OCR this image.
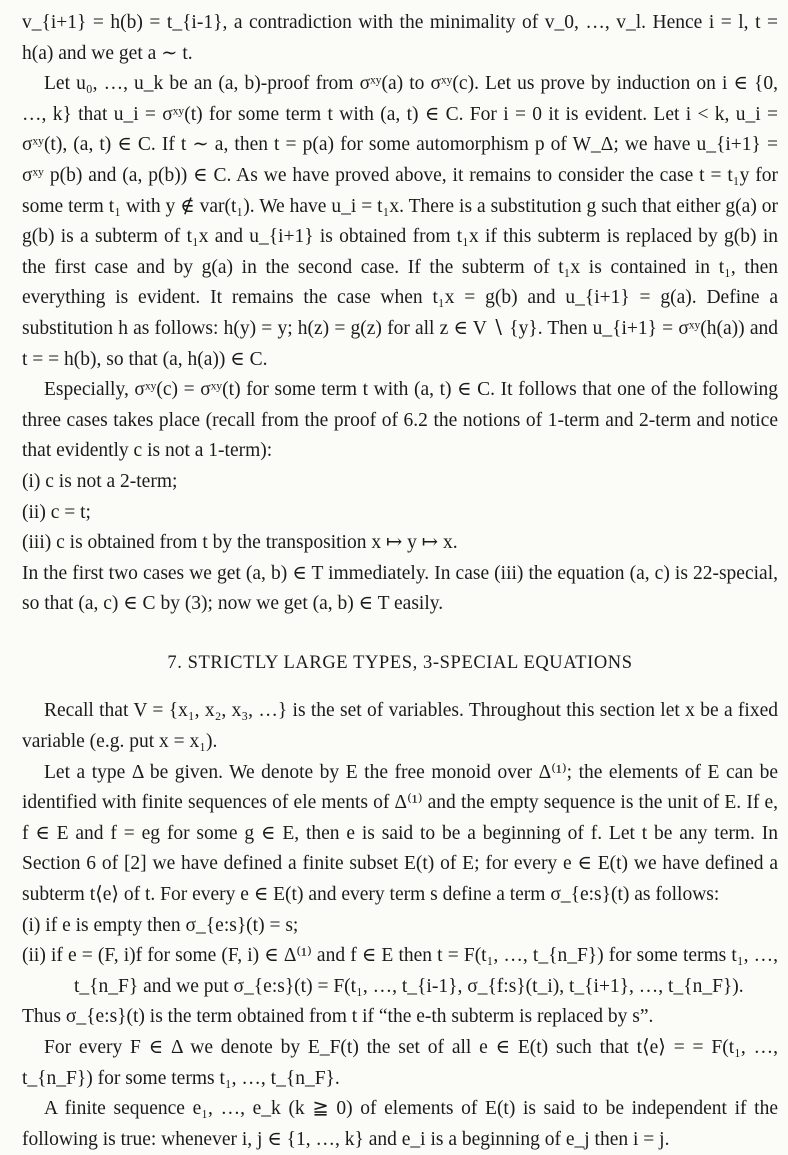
v_{i+1} = h(b) = t_{i-1}, a contradiction with the minimality of v_0, …, v_l. Hence i = l, t = h(a) and we get a ∼ t.

Let u₀, …, u_k be an (a, b)-proof from σˣʸ(a) to σˣʸ(c). Let us prove by induction on i ∈ {0, …, k} that u_i = σˣʸ(t) for some term t with (a, t) ∈ C. For i = 0 it is evident. Let i < k, u_i = σˣʸ(t), (a, t) ∈ C. If t ∼ a, then t = p(a) for some automorphism p of W_Δ; we have u_{i+1} = σˣʸ p(b) and (a, p(b)) ∈ C. As we have proved above, it remains to consider the case t = t₁y for some term t₁ with y ∉ var(t₁). We have u_i = t₁x. There is a substitution g such that either g(a) or g(b) is a subterm of t₁x and u_{i+1} is obtained from t₁x if this subterm is replaced by g(b) in the first case and by g(a) in the second case. If the subterm of t₁x is contained in t₁, then everything is evident. It remains the case when t₁x = g(b) and u_{i+1} = g(a). Define a substitution h as follows: h(y) = y; h(z) = g(z) for all z ∈ V ∖ {y}. Then u_{i+1} = σˣʸ(h(a)) and t = = h(b), so that (a, h(a)) ∈ C.

Especially, σˣʸ(c) = σˣʸ(t) for some term t with (a, t) ∈ C. It follows that one of the following three cases takes place (recall from the proof of 6.2 the notions of 1-term and 2-term and notice that evidently c is not a 1-term):

(i) c is not a 2-term;
(ii) c = t;
(iii) c is obtained from t by the transposition x ↦ y ↦ x.

In the first two cases we get (a, b) ∈ T immediately. In case (iii) the equation (a, c) is 22-special, so that (a, c) ∈ C by (3); now we get (a, b) ∈ T easily.

7. STRICTLY LARGE TYPES, 3-SPECIAL EQUATIONS

Recall that V = {x₁, x₂, x₃, …} is the set of variables. Throughout this section let x be a fixed variable (e.g. put x = x₁).

Let a type Δ be given. We denote by E the free monoid over Δ⁽¹⁾; the elements of E can be identified with finite sequences of ele ments of Δ⁽¹⁾ and the empty sequence is the unit of E. If e, f ∈ E and f = eg for some g ∈ E, then e is said to be a beginning of f. Let t be any term. In Section 6 of [2] we have defined a finite subset E(t) of E; for every e ∈ E(t) we have defined a subterm t⟨e⟩ of t. For every e ∈ E(t) and every term s define a term σ_{e:s}(t) as follows:

(i) if e is empty then σ_{e:s}(t) = s;
(ii) if e = (F, i)f for some (F, i) ∈ Δ⁽¹⁾ and f ∈ E then t = F(t₁, …, t_{n_F}) for some terms t₁, …, t_{n_F} and we put σ_{e:s}(t) = F(t₁, …, t_{i-1}, σ_{f:s}(t_i), t_{i+1}, …, t_{n_F}).

Thus σ_{e:s}(t) is the term obtained from t if “the e-th subterm is replaced by s”.

For every F ∈ Δ we denote by E_F(t) the set of all e ∈ E(t) such that t⟨e⟩ = = F(t₁, …, t_{n_F}) for some terms t₁, …, t_{n_F}.

A finite sequence e₁, …, e_k (k ≧ 0) of elements of E(t) is said to be independent if the following is true: whenever i, j ∈ {1, …, k} and e_i is a beginning of e_j then i = j.
